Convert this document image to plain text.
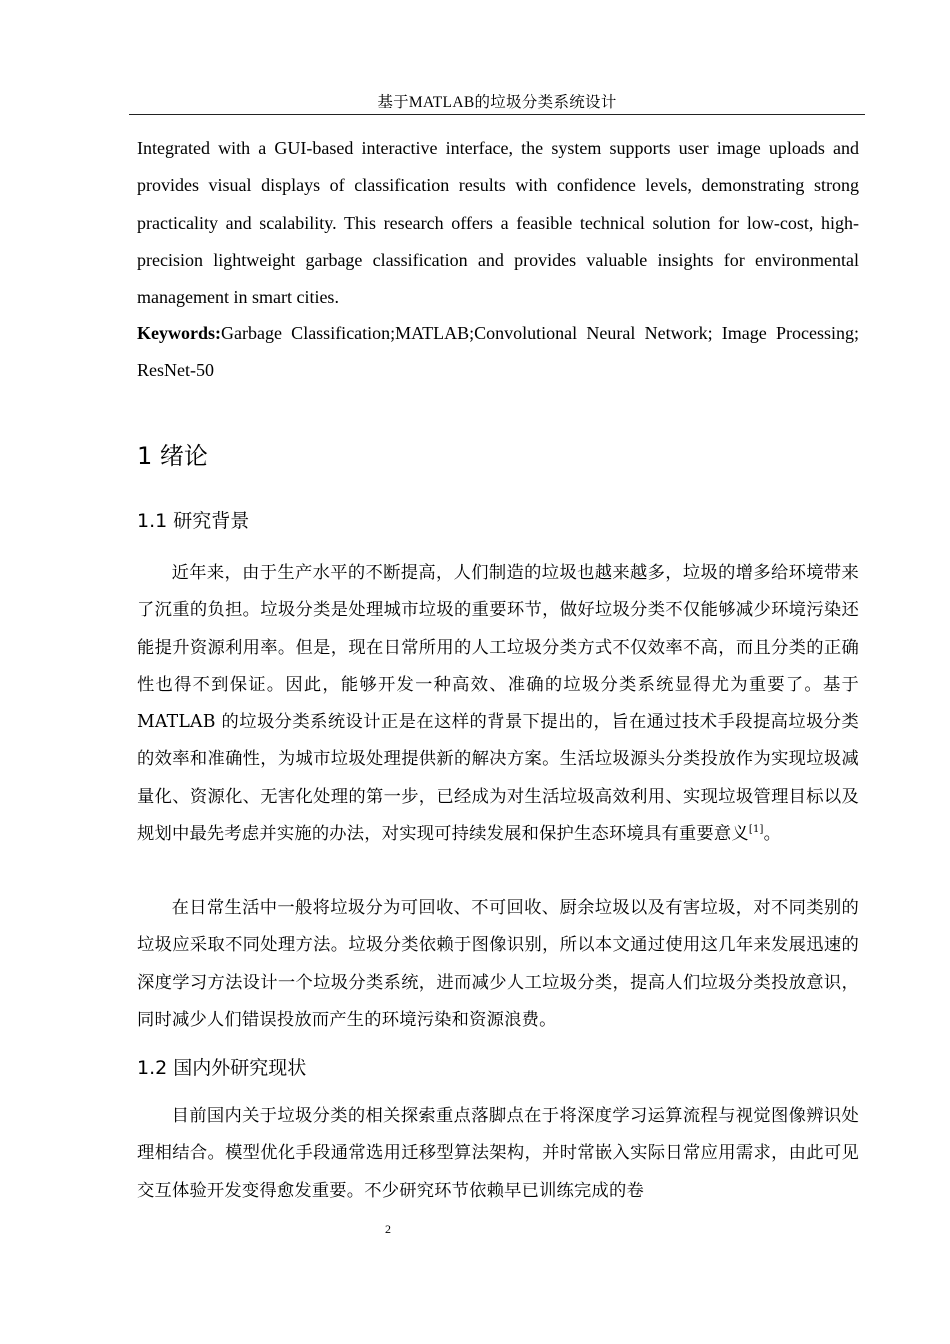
基于MATLAB的垃圾分类系统设计

Integrated with a GUI-based interactive interface, the system supports user image uploads and provides visual displays of classification results with confidence levels, demonstrating strong practicality and scalability. This research offers a feasible technical solution for low-cost, high-precision lightweight garbage classification and provides valuable insights for environmental management in smart cities.

Keywords:Garbage Classification;MATLAB;Convolutional Neural Network; Image Processing; ResNet-50

1 绪论
1.1 研究背景

近年来，由于生产水平的不断提高，人们制造的垃圾也越来越多，垃圾的增多给环境带来了沉重的负担。垃圾分类是处理城市垃圾的重要环节，做好垃圾分类不仅能够减少环境污染还能提升资源利用率。但是，现在日常所用的人工垃圾分类方式不仅效率不高，而且分类的正确性也得不到保证。因此，能够开发一种高效、准确的垃圾分类系统显得尤为重要了。基于 MATLAB 的垃圾分类系统设计正是在这样的背景下提出的，旨在通过技术手段提高垃圾分类的效率和准确性，为城市垃圾处理提供新的解决方案。生活垃圾源头分类投放作为实现垃圾减量化、资源化、无害化处理的第一步，已经成为对生活垃圾高效利用、实现垃圾管理目标以及规划中最先考虑并实施的办法，对实现可持续发展和保护生态环境具有重要意义[1]。

在日常生活中一般将垃圾分为可回收、不可回收、厨余垃圾以及有害垃圾，对不同类别的垃圾应采取不同处理方法。垃圾分类依赖于图像识别，所以本文通过使用这几年来发展迅速的深度学习方法设计一个垃圾分类系统，进而减少人工垃圾分类，提高人们垃圾分类投放意识，同时减少人们错误投放而产生的环境污染和资源浪费。

1.2 国内外研究现状

目前国内关于垃圾分类的相关探索重点落脚点在于将深度学习运算流程与视觉图像辨识处理相结合。模型优化手段通常选用迁移型算法架构，并时常嵌入实际日常应用需求，由此可见交互体验开发变得愈发重要。不少研究环节依赖早已训练完成的卷

2
